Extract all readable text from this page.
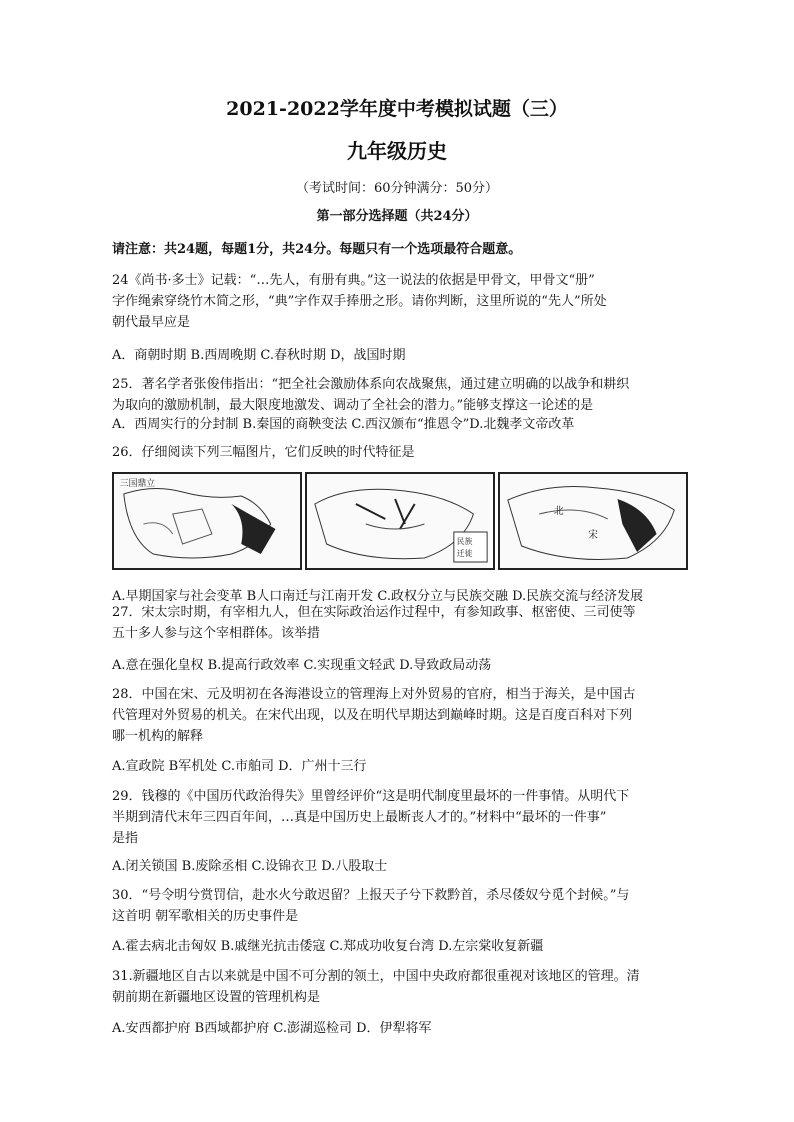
2021-2022学年度中考模拟试题（三）
九年级历史
（考试时间：60分钟满分：50分）
第一部分选择题（共24分）
请注意：共24题，每题1分，共24分。每题只有一个选项最符合题意。

24《尚书·多士》记载：“…先人，有册有典。”这一说法的依据是甲骨文，甲骨文“册”

字作绳索穿绕竹木简之形，“典”字作双手捧册之形。请你判断，这里所说的“先人”所处

朝代最早应是

A．商朝时期 B.西周晚期 C.春秋时期 D，战国时期

25．著名学者张俊伟指出：“把全社会激励体系向农战聚焦，通过建立明确的以战争和耕织

为取向的激励机制，最大限度地激发、调动了全社会的潜力。”能够支撑这一论述的是

A．西周实行的分封制 B.秦国的商鞅变法 C.西汉颁布“推恩令”D.北魏孝文帝改革

26．仔细阅读下列三幅图片，它们反映的时代特征是

三国鼎立
民族
迁徙
北
宋
A.早期国家与社会变革 B人口南迁与江南开发 C.政权分立与民族交融 D.民族交流与经济发展

27．宋太宗时期，有宰相九人，但在实际政治运作过程中，有参知政事、枢密使、三司使等

五十多人参与这个宰相群体。该举措

A.意在强化皇权 B.提高行政效率 C.实现重文轻武 D.导致政局动荡

28．中国在宋、元及明初在各海港设立的管理海上对外贸易的官府，相当于海关，是中国古

代管理对外贸易的机关。在宋代出现，以及在明代早期达到巅峰时期。这是百度百科对下列

哪一机构的解释

A.宣政院 B军机处 C.市舶司 D．广州十三行

29．钱穆的《中国历代政治得失》里曾经评价“这是明代制度里最坏的一件事情。从明代下

半期到清代末年三四百年间，…真是中国历史上最断丧人才的。”材料中“最坏的一件事”

是指

A.闭关锁国 B.废除丞相 C.设锦衣卫 D.八股取士

30．“号令明兮赏罚信，赴水火兮敢迟留？上报天子兮下救黔首，杀尽倭奴兮觅个封候。”与

这首明 朝军歌相关的历史事件是

A.霍去病北击匈奴 B.戚继光抗击倭寇 C.郑成功收复台湾 D.左宗棠收复新疆

31.新疆地区自古以来就是中国不可分割的领土，中国中央政府都很重视对该地区的管理。清

朝前期在新疆地区设置的管理机构是

A.安西都护府 B西域都护府 C.澎湖巡检司 D．伊犁将军
